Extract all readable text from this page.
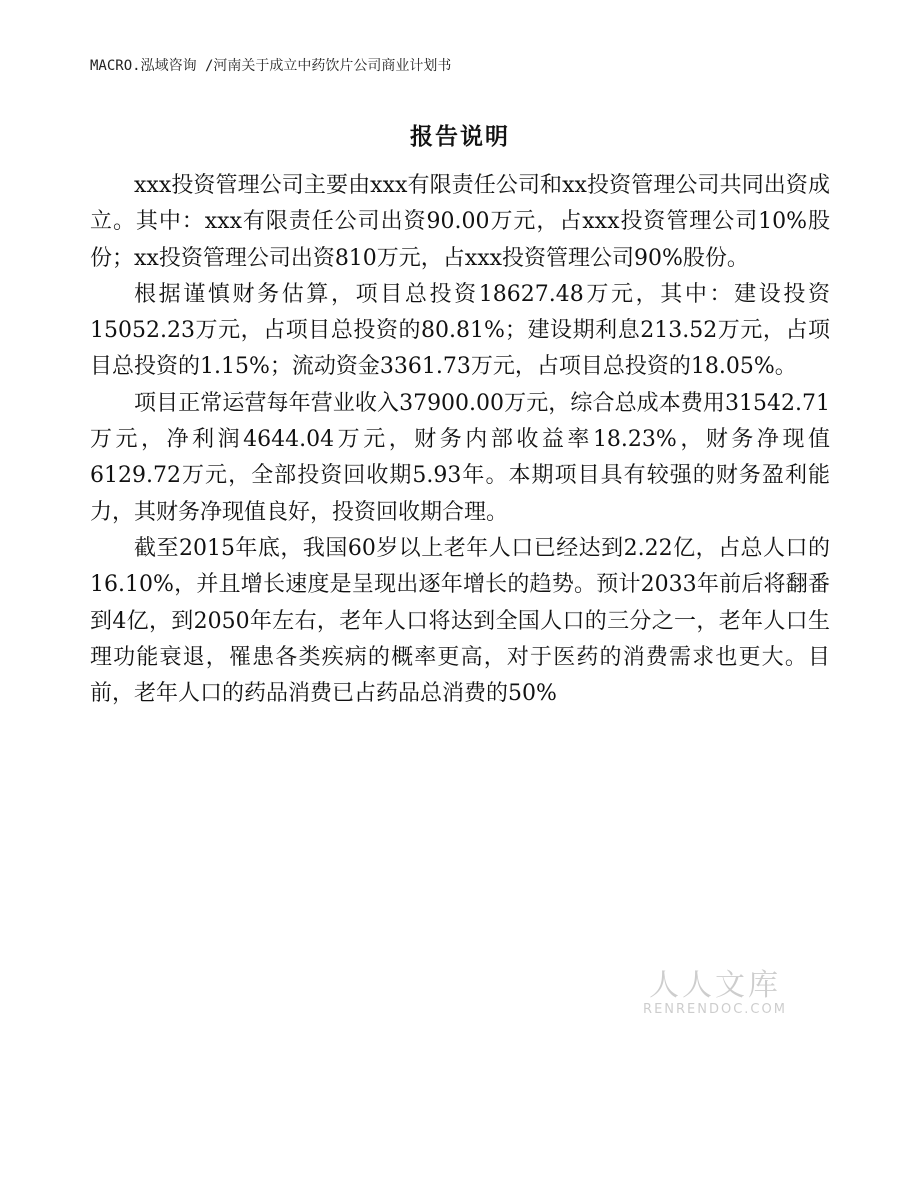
MACRO.泓域咨询 /河南关于成立中药饮片公司商业计划书
报告说明

xxx投资管理公司主要由xxx有限责任公司和xx投资管理公司共同出资成立。其中：xxx有限责任公司出资90.00万元，占xxx投资管理公司10%股份；xx投资管理公司出资810万元，占xxx投资管理公司90%股份。

根据谨慎财务估算，项目总投资18627.48万元，其中：建设投资15052.23万元，占项目总投资的80.81%；建设期利息213.52万元，占项目总投资的1.15%；流动资金3361.73万元，占项目总投资的18.05%。

项目正常运营每年营业收入37900.00万元，综合总成本费用31542.71万元，净利润4644.04万元，财务内部收益率18.23%，财务净现值6129.72万元，全部投资回收期5.93年。本期项目具有较强的财务盈利能力，其财务净现值良好，投资回收期合理。

截至2015年底，我国60岁以上老年人口已经达到2.22亿，占总人口的16.10%，并且增长速度是呈现出逐年增长的趋势。预计2033年前后将翻番到4亿，到2050年左右，老年人口将达到全国人口的三分之一，老年人口生理功能衰退，罹患各类疾病的概率更高，对于医药的消费需求也更大。目前，老年人口的药品消费已占药品总消费的50%

人人文库
RENRENDOC.COM
